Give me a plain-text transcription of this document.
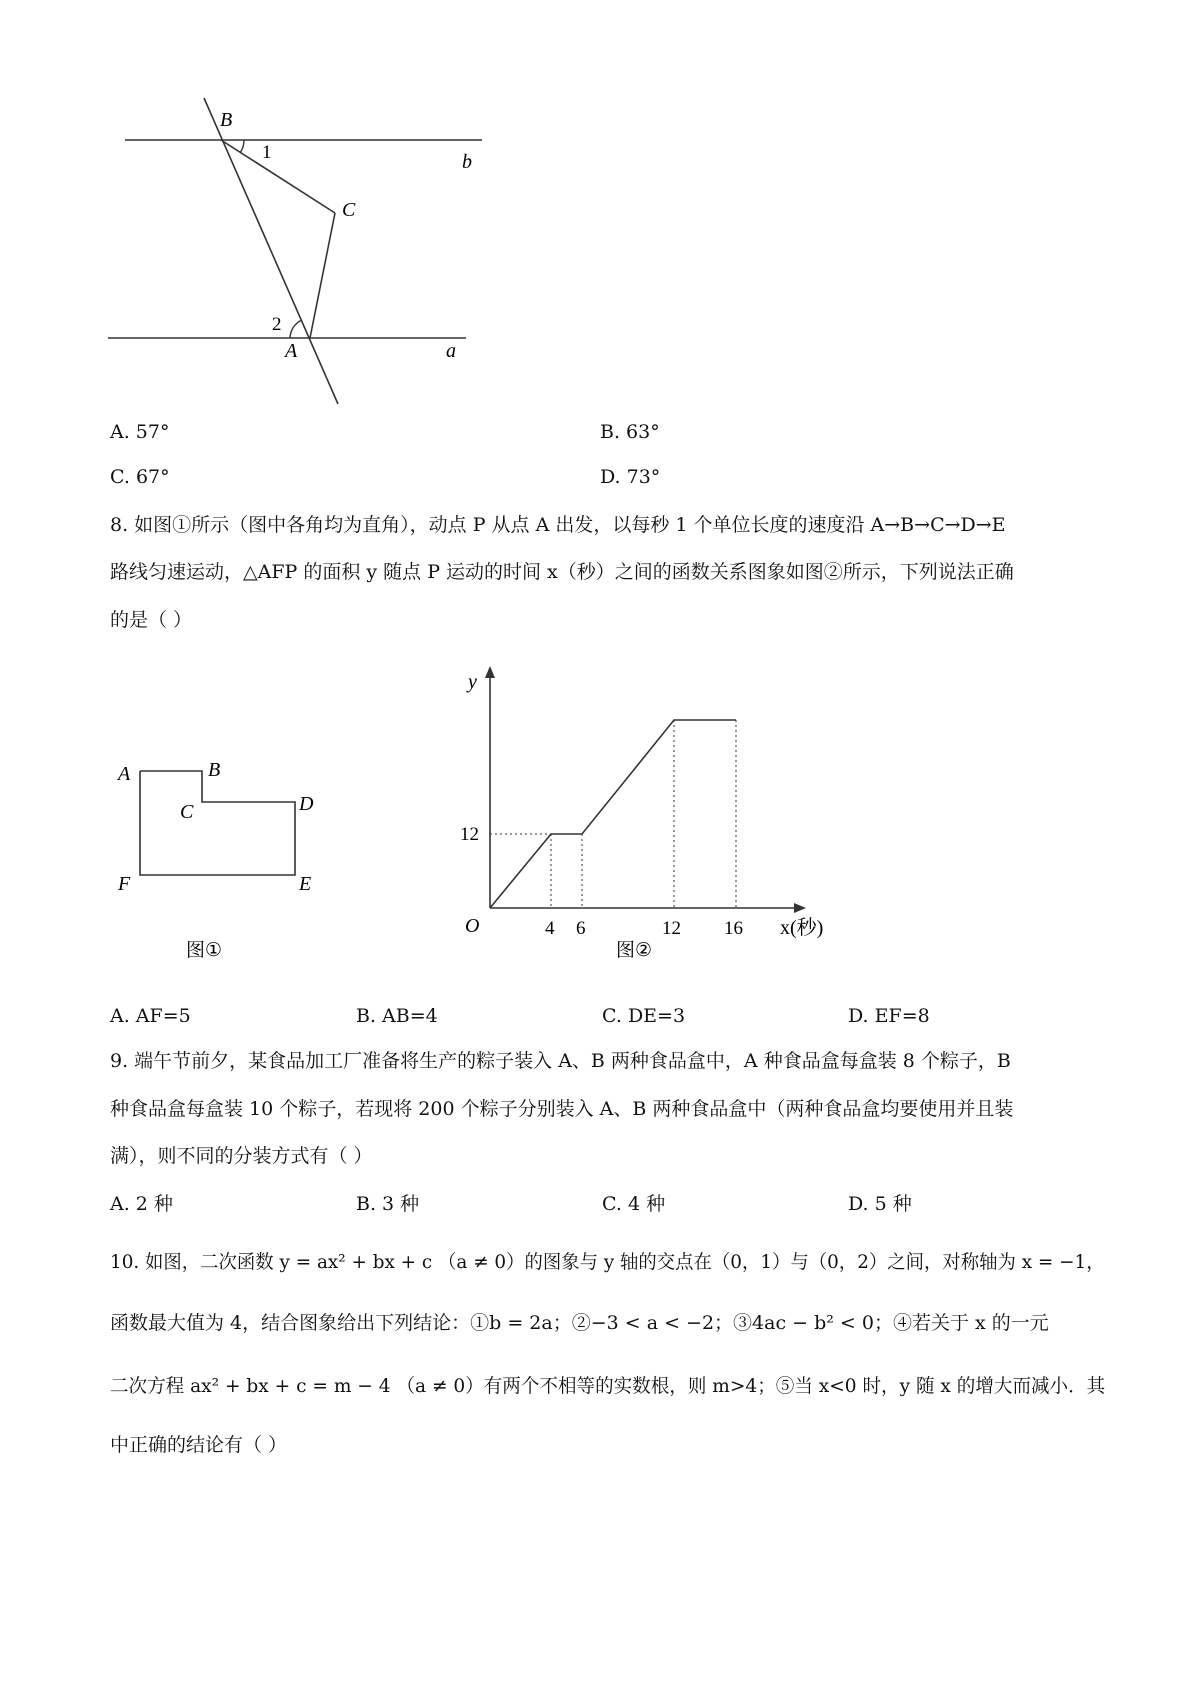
B
1	b
C
2
A	a
A. 57°	B. 63°
C. 67°	D. 73°
8. 如图①所示（图中各角均为直角），动点 P 从点 A 出发，以每秒 1 个单位长度的速度沿 A→B→C→D→E
路线匀速运动，△AFP 的面积 y 随点 P 运动的时间 x（秒）之间的函数关系图象如图②所示，下列说法正确
的是（ ）
A	B
C	D
F	E
图①
y
12
O	4 6	12 16 x(秒)
图②
A. AF=5	B. AB=4	C. DE=3	D. EF=8
9. 端午节前夕，某食品加工厂准备将生产的粽子装入 A、B 两种食品盒中，A 种食品盒每盒装 8 个粽子，B
种食品盒每盒装 10 个粽子，若现将 200 个粽子分别装入 A、B 两种食品盒中（两种食品盒均要使用并且装
满），则不同的分装方式有（ ）
A. 2 种	B. 3 种	C. 4 种	D. 5 种
10. 如图，二次函数 y = ax² + bx + c （a ≠ 0）的图象与 y 轴的交点在（0，1）与（0，2）之间，对称轴为 x = −1，
函数最大值为 4，结合图象给出下列结论：①b = 2a；②−3 < a < −2；③4ac − b² < 0；④若关于 x 的一元
二次方程 ax² + bx + c = m − 4 （a ≠ 0）有两个不相等的实数根，则 m>4；⑤当 x<0 时，y 随 x 的增大而减小．其
中正确的结论有（ ）
